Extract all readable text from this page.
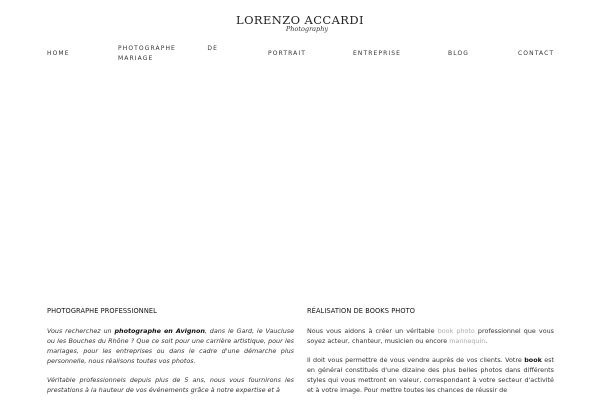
LORENZO ACCARDI
Photography
HOME
PHOTOGRAPHE	DE
MARIAGE
PORTRAIT	ENTREPRISE	BLOG	CONTACT
PHOTOGRAPHE PROFESSIONNEL

Vous recherchez un photographe en Avignon, dans le Gard, le Vaucluse ou les Bouches du Rhône ? Que ce soit pour une carrière artistique, pour les mariages, pour les entreprises ou dans le cadre d'une démarche plus personnelle, nous réalisons toutes vos photos.

Véritable professionnels depuis plus de 5 ans, nous vous fournirons les prestations à la hauteur de vos événements grâce à notre expertise et à

RÉALISATION DE BOOKS PHOTO

Nous vous aidons à créer un véritable book photo professionnel que vous soyez acteur, chanteur, musicien ou encore mannequin.

Il doit vous permettre de vous vendre auprès de vos clients. Votre book est en général constitués d'une dizaine des plus belles photos dans différents styles qui vous mettront en valeur, correspondant à votre secteur d'activité et à votre image. Pour mettre toutes les chances de réussir de
